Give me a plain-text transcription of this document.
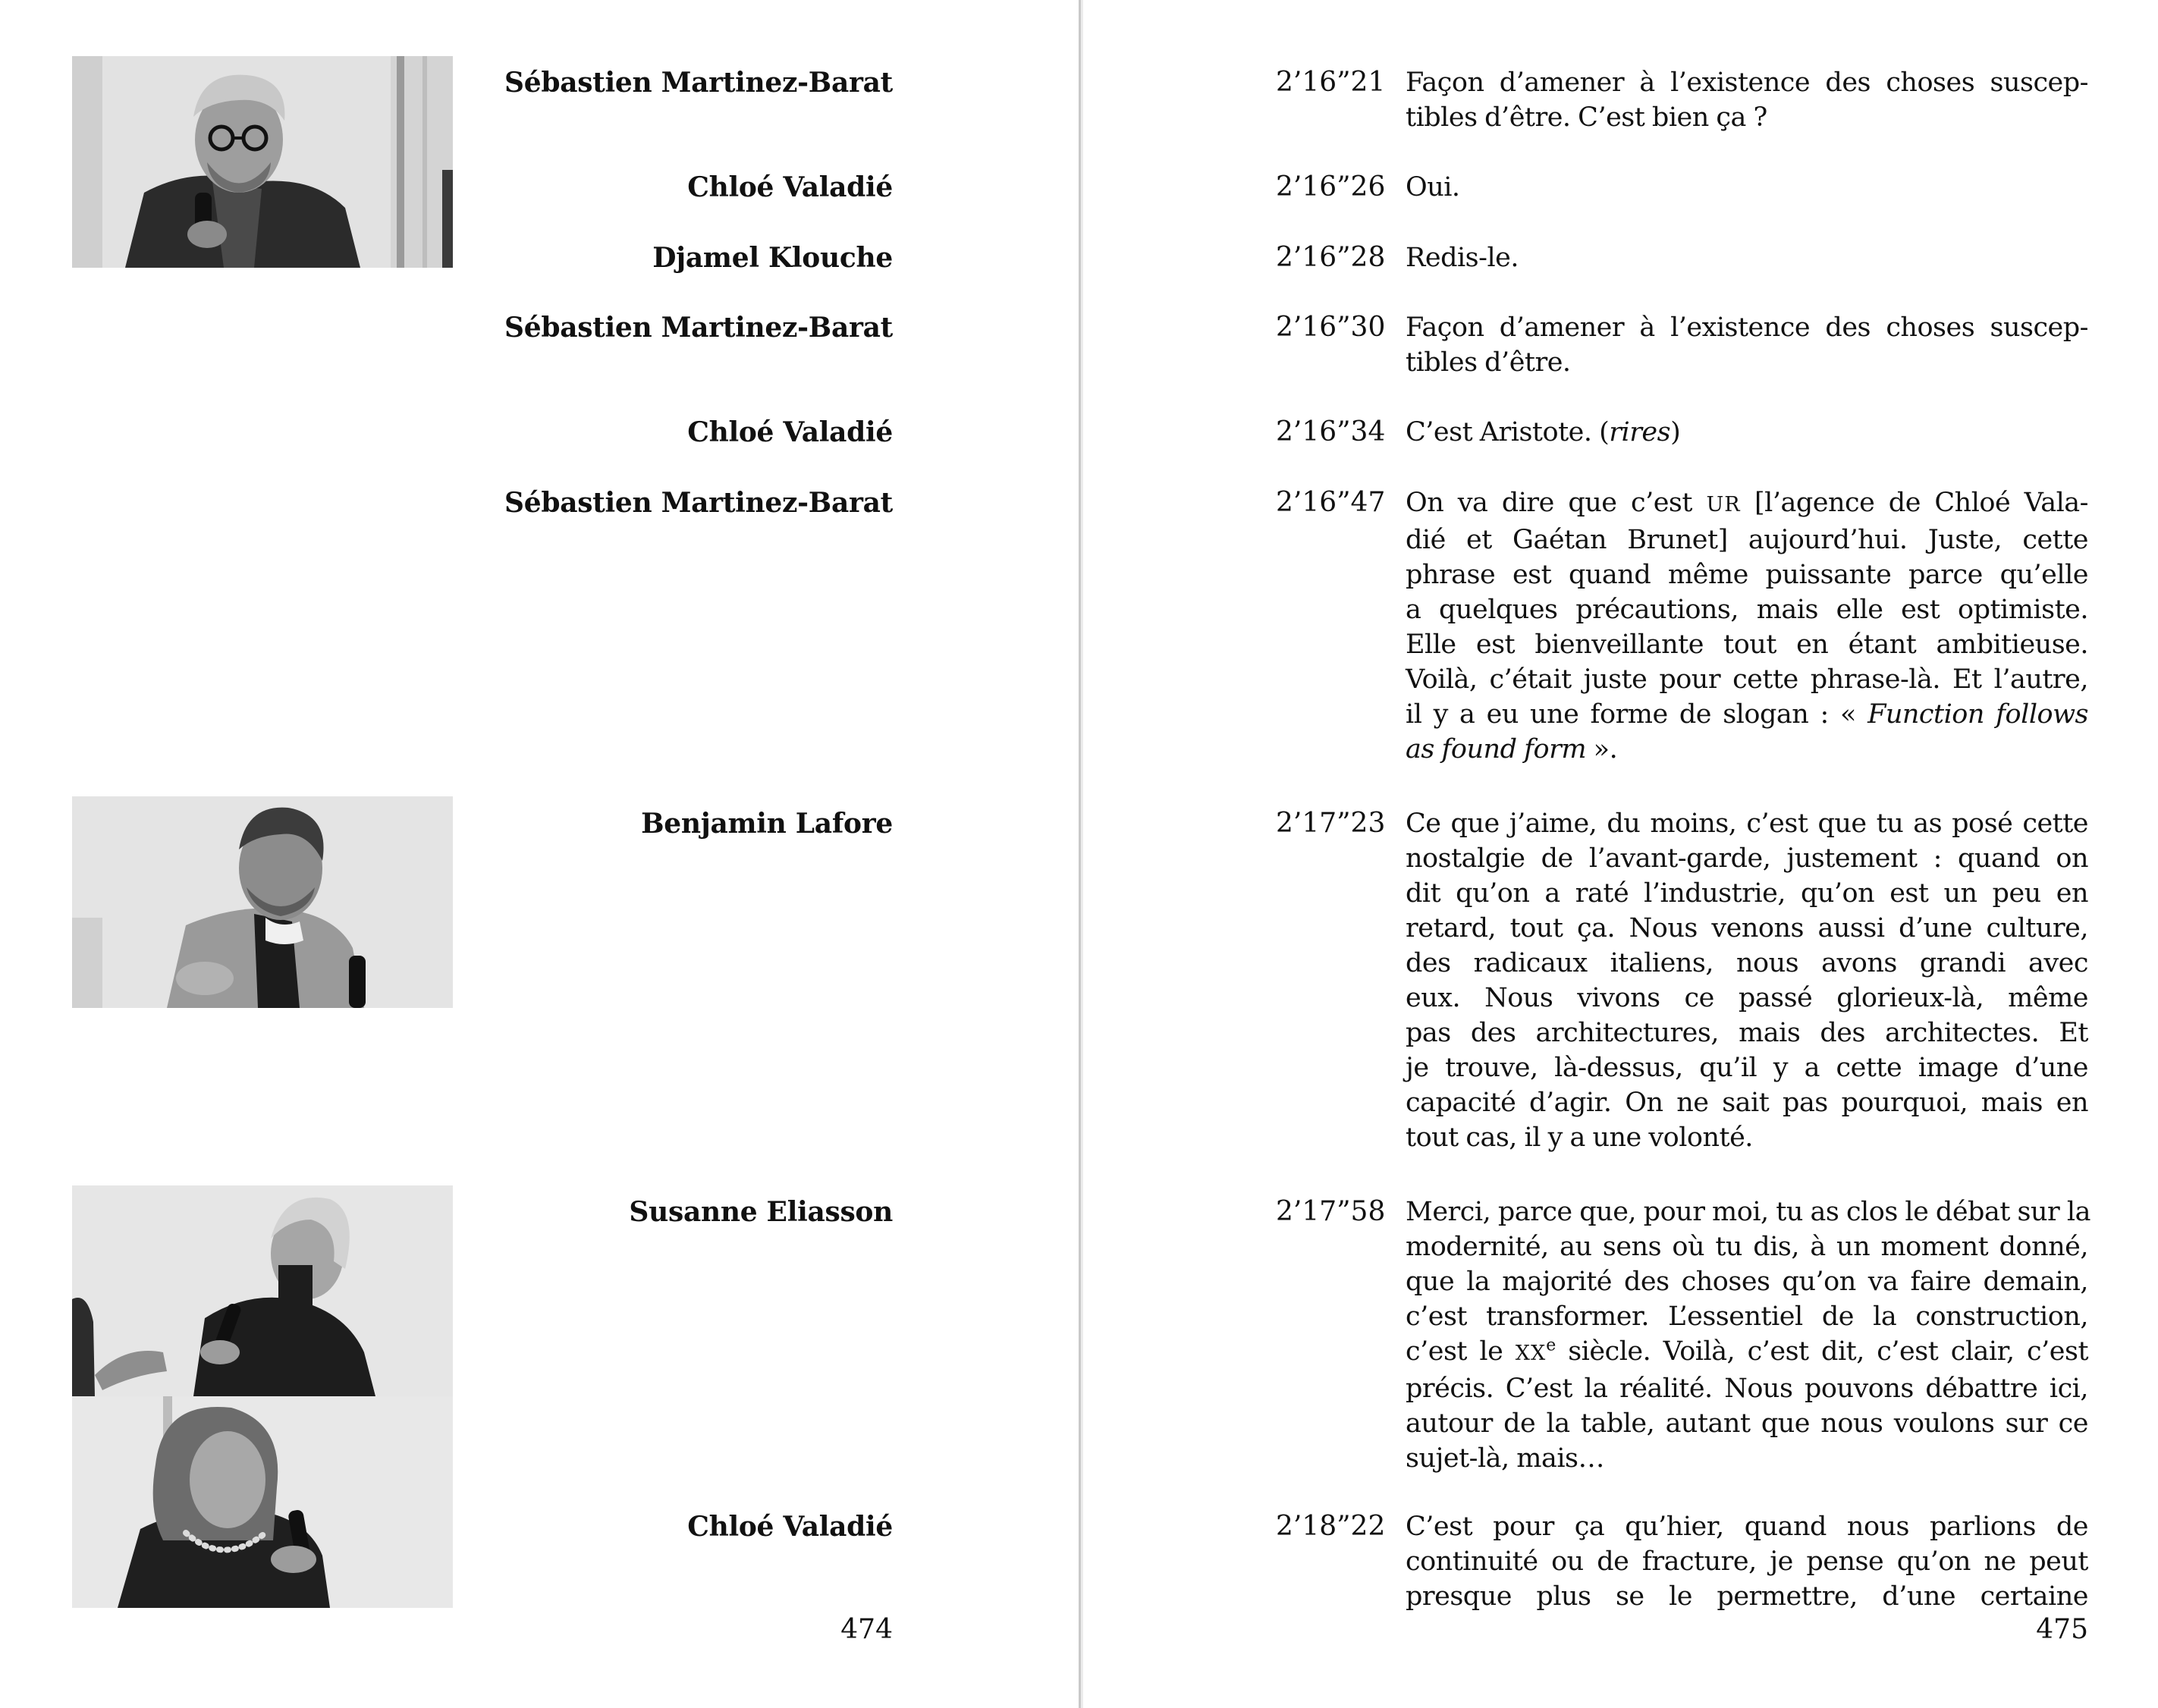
Sébastien Martinez-Barat
Chloé Valadié
Djamel Klouche
Sébastien Martinez-Barat
Chloé Valadié
Sébastien Martinez-Barat
Benjamin Lafore
Susanne Eliasson
Chloé Valadié
474
2’16”21 Façon d’amener à l’existence des choses suscep-
tibles d’être. C’est bien ça ?
2’16”26 Oui.
2’16”28 Redis-le.
2’16”30 Façon d’amener à l’existence des choses suscep-
tibles d’être.
2’16”34 C’est Aristote. (rires)
2’16”47 On va dire que c’est UR [l’agence de Chloé Vala-
dié et Gaétan Brunet] aujourd’hui. Juste, cette
phrase est quand même puissante parce qu’elle
a quelques précautions, mais elle est optimiste.
Elle est bienveillante tout en étant ambitieuse.
Voilà, c’était juste pour cette phrase-là. Et l’autre,
il y a eu une forme de slogan : « Function follows
as found form ».
2’17”23 Ce que j’aime, du moins, c’est que tu as posé cette
nostalgie de l’avant-garde, justement : quand on
dit qu’on a raté l’industrie, qu’on est un peu en
retard, tout ça. Nous venons aussi d’une culture,
des radicaux italiens, nous avons grandi avec
eux. Nous vivons ce passé glorieux-là, même
pas des architectures, mais des architectes. Et
je trouve, là-dessus, qu’il y a cette image d’une
capacité d’agir. On ne sait pas pourquoi, mais en
tout cas, il y a une volonté.
2’17”58 Merci, parce que, pour moi, tu as clos le débat sur la
modernité, au sens où tu dis, à un moment donné,
que la majorité des choses qu’on va faire demain,
c’est transformer. L’essentiel de la construction,
c’est le XXe siècle. Voilà, c’est dit, c’est clair, c’est
précis. C’est la réalité. Nous pouvons débattre ici,
autour de la table, autant que nous voulons sur ce
sujet-là, mais…
2’18”22 C’est pour ça qu’hier, quand nous parlions de
continuité ou de fracture, je pense qu’on ne peut
presque plus se le permettre, d’une certaine
475
